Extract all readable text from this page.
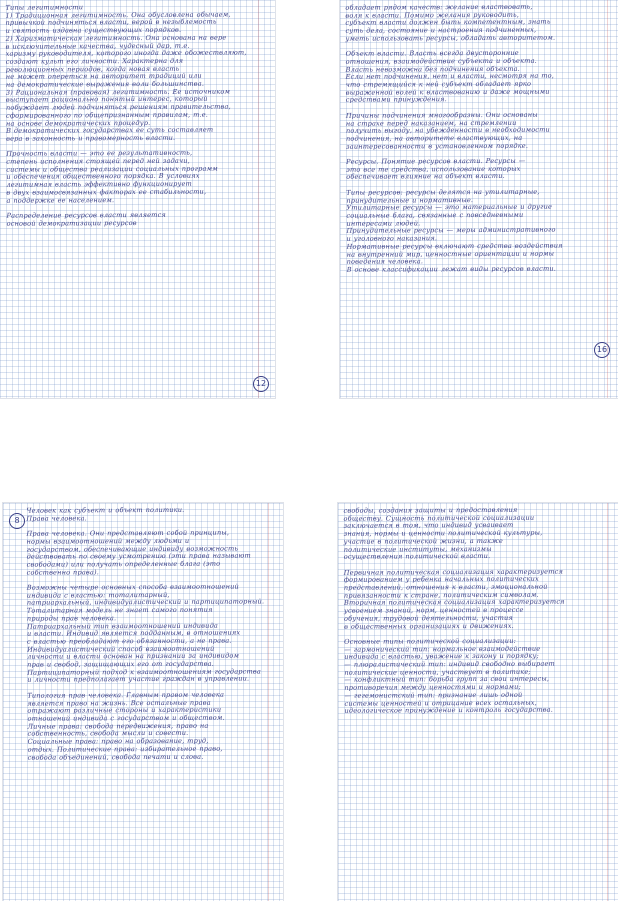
Типы легитимности
1) Традиционная легитимность. Она обусловлена обычаем,
привычкой подчиняться власти, верой в незыблемость
и святость издавна существующих порядков.
2) Харизматическая легитимность. Она основана на вере
в исключительные качества, чудесный дар, т.е.
харизму руководителя, которого иногда даже обожествляют,
создают культ его личности. Характерна для
революционных периодов, когда новая власть
не может опереться на авторитет традиций или
на демократические выражения воли большинства.
3) Рациональная (правовая) легитимность. Ее источником
выступает рационально понятый интерес, который
побуждает людей подчиняться решениям правительства,
сформированного по общепризнанным правилам, т.е.
на основе демократических процедур.
В демократических государствах ее суть составляет
вера в законность и правомерность власти.

Прочность власти — это ее результативность,
степень исполнения стоящей перед ней задачи,
системы и общества реализации социальных программ
и обеспечения общественного порядка. В условиях
легитимная власть эффективно функционирует
в двух взаимосвязанных факторах ее стабильности,
а поддержке ее населением.

Распределение ресурсов власти является
основой демократизации ресурсов
12
обладает рядом качеств: желание властвовать,
воля к власти. Помимо желания руководить,
субъект власти должен быть компетентным, знать
суть дела, состояние и настроения подчиненных,
уметь использовать ресурсы, обладать авторитетом.

Объект власти. Власть всегда двусторонние
отношения, взаимодействие субъекта и объекта.
Власть невозможна без подчинения объекта.
Если нет подчинения, нет и власти, несмотря на то,
что стремящийся к ней субъект обладает ярко
выраженной волей к властвованию и даже мощными
средствами принуждения.

Причины подчинения многообразны. Они основаны
на страхе перед наказанием, на стремлении
получить выгоду, на убежденности в необходимости
подчинения, на авторитете властвующих, на
заинтересованности в установленном порядке.

Ресурсы. Понятие ресурсов власти. Ресурсы —
это все те средства, использование которых
обеспечивает влияние на объект власти.

Типы ресурсов: ресурсы делятся на утилитарные,
принудительные и нормативные.
Утилитарные ресурсы — это материальные и другие
социальные блага, связанные с повседневными
интересами людей.
Принудительные ресурсы — меры административного
и уголовного наказания.
Нормативные ресурсы включают средства воздействия
на внутренний мир, ценностные ориентации и нормы
поведения человека.
В основе классификации лежат виды ресурсов власти.
16
Человек как субъект и объект политики.
Права человека.

Права человека. Они представляют собой принципы,
нормы взаимоотношений между людьми и
государством, обеспечивающие индивиду возможность
действовать по своему усмотрению (эти права называют
свободами) или получать определенные блага (это
собственно права).

Возможны четыре основных способа взаимоотношений
индивида с властью: тоталитарный,
патриархальный, индивидуалистический и партиципаторный.
Тоталитарная модель не знает самого понятия
природы прав человека.
Патриархальный тип взаимоотношений индивида
и власти. Индивид является подданным, в отношениях
с властью преобладают его обязанности, а не права.
Индивидуалистический способ взаимоотношений
личности и власти основан на признании за индивидом
прав и свобод, защищающих его от государства.
Партиципаторный подход к взаимоотношениям государства
и личности предполагает участие граждан в управлении.

Типология прав человека. Главным правом человека
является право на жизнь. Все остальные права
отражают различные стороны и характеристики
отношений индивида с государством и обществом.
Личные права: свобода передвижения, право на
собственность, свобода мысли и совести.
Социальные права: право на образование, труд,
отдых. Политические права: избирательное право,
свобода объединений, свобода печати и слова.
8
свободы, создания защиты и предоставления
обществу. Сущность политической социализации
заключается в том, что индивид усваивает
знания, нормы и ценности политической культуры,
участие в политической жизни, а также
политические институты, механизмы
осуществления политической власти.

Первичная политическая социализация характеризуется
формированием у ребенка начальных политических
представлений, отношения к власти, эмоциональной
привязанности к стране, политическим символам.
Вторичная политическая социализация характеризуется
усвоением знаний, норм, ценностей в процессе
обучения, трудовой деятельности, участия
в общественных организациях и движениях.

Основные типы политической социализации:
— гармонический тип: нормальное взаимодействие
индивида с властью, уважение к закону и порядку;
— плюралистический тип: индивид свободно выбирает
политические ценности, участвует в политике;
— конфликтный тип: борьба групп за свои интересы,
противоречия между ценностями и нормами;
— гегемонистский тип: признание лишь одной
системы ценностей и отрицание всех остальных,
идеологическое принуждение и контроль государства.
